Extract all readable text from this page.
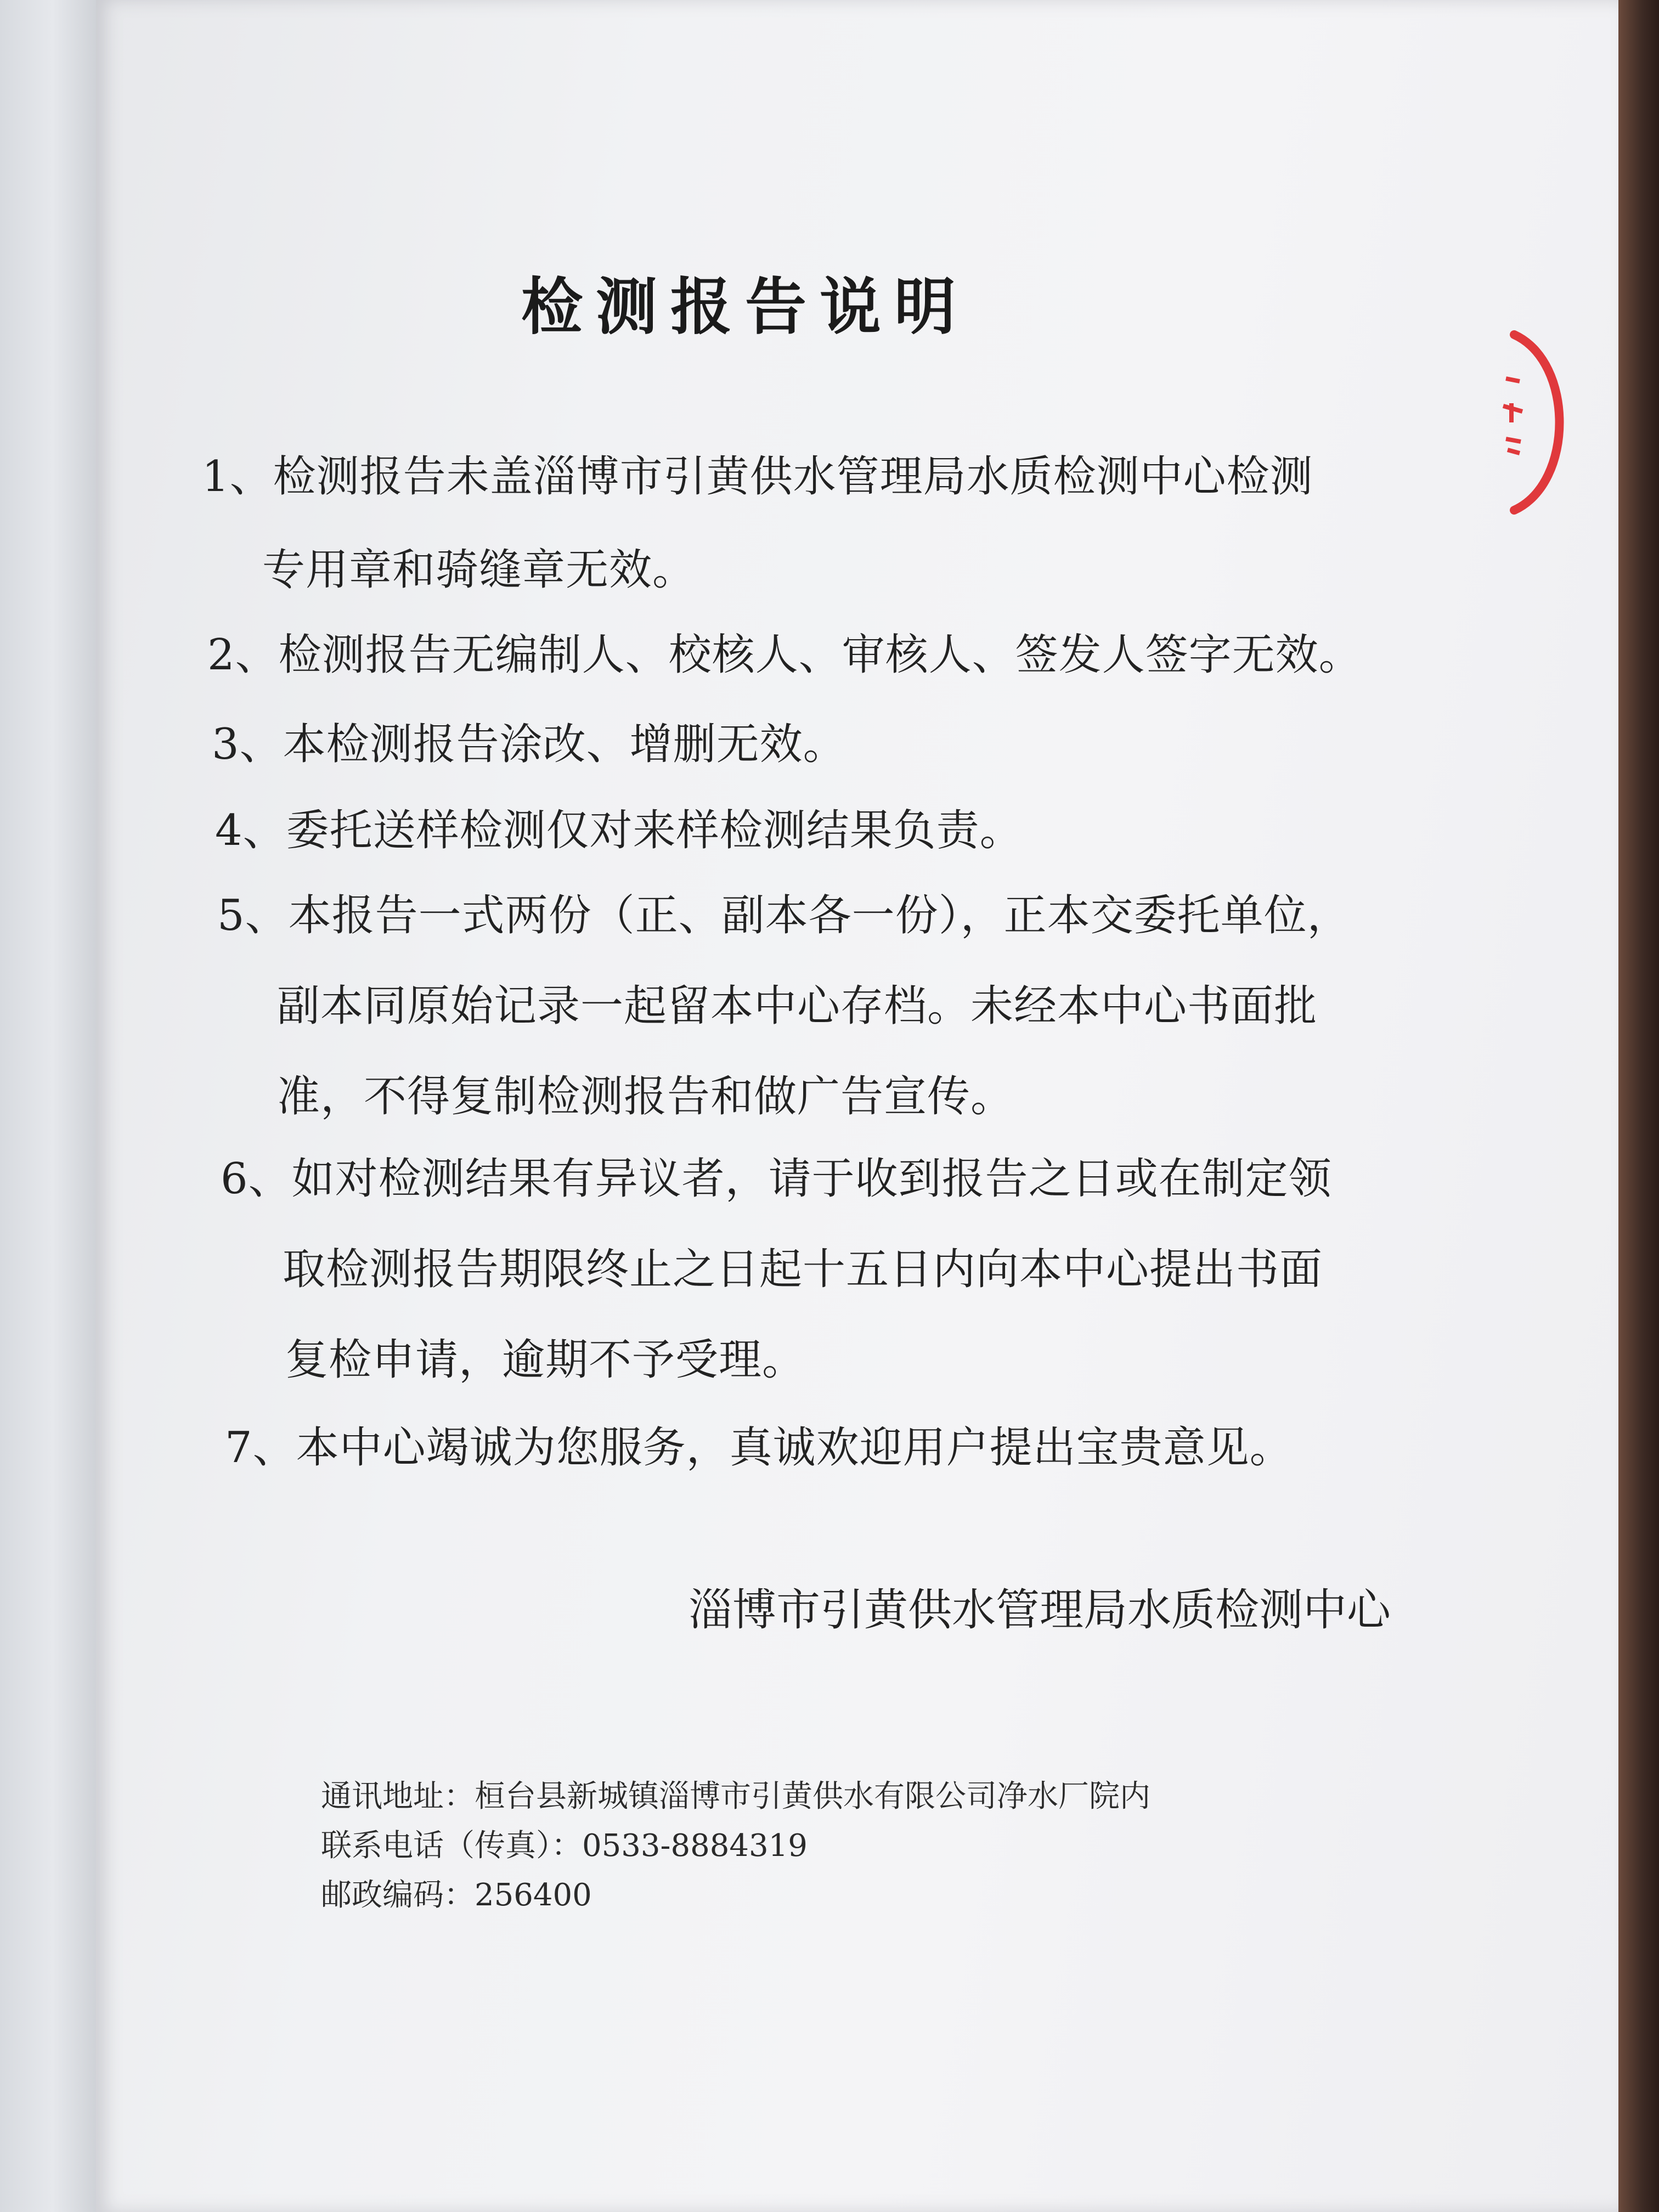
检测报告说明
1、检测报告未盖淄博市引黄供水管理局水质检测中心检测
专用章和骑缝章无效。
2、检测报告无编制人、校核人、审核人、签发人签字无效。
3、本检测报告涂改、增删无效。
4、委托送样检测仅对来样检测结果负责。
5、本报告一式两份（正、副本各一份），正本交委托单位，
副本同原始记录一起留本中心存档。未经本中心书面批
准，不得复制检测报告和做广告宣传。
6、如对检测结果有异议者，请于收到报告之日或在制定领
取检测报告期限终止之日起十五日内向本中心提出书面
复检申请，逾期不予受理。
7、本中心竭诚为您服务，真诚欢迎用户提出宝贵意见。
淄博市引黄供水管理局水质检测中心
通讯地址：桓台县新城镇淄博市引黄供水有限公司净水厂院内
联系电话（传真）：0533-8884319
邮政编码：256400
